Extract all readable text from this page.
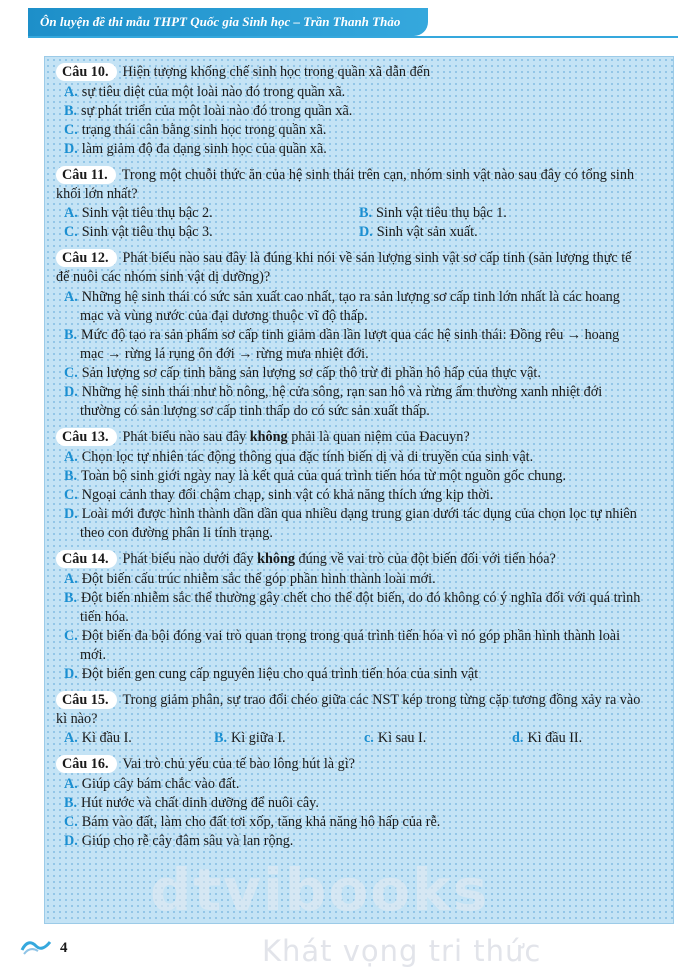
Ôn luyện đề thi mẫu THPT Quốc gia Sinh học – Trần Thanh Thảo
Câu 10. Hiện tượng khống chế sinh học trong quần xã dẫn đến
A. sự tiêu diệt của một loài nào đó trong quần xã.
B. sự phát triển của một loài nào đó trong quần xã.
C. trạng thái cân bằng sinh học trong quần xã.
D. làm giảm độ đa dạng sinh học của quần xã.
Câu 11. Trong một chuỗi thức ăn của hệ sinh thái trên cạn, nhóm sinh vật nào sau đây có tổng sinh khối lớn nhất?
A. Sinh vật tiêu thụ bậc 2.	B. Sinh vật tiêu thụ bậc 1.
C. Sinh vật tiêu thụ bậc 3.	D. Sinh vật sản xuất.
Câu 12. Phát biểu nào sau đây là đúng khi nói về sản lượng sinh vật sơ cấp tinh (sản lượng thực tế để nuôi các nhóm sinh vật dị dưỡng)?
A. Những hệ sinh thái có sức sản xuất cao nhất, tạo ra sản lượng sơ cấp tinh lớn nhất là các hoang mạc và vùng nước của đại dương thuộc vĩ độ thấp.
B. Mức độ tạo ra sản phẩm sơ cấp tinh giảm dần lần lượt qua các hệ sinh thái: Đồng rêu → hoang mạc → rừng lá rụng ôn đới → rừng mưa nhiệt đới.
C. Sản lượng sơ cấp tinh bằng sản lượng sơ cấp thô trừ đi phần hô hấp của thực vật.
D. Những hệ sinh thái như hồ nông, hệ cửa sông, rạn san hô và rừng ẩm thường xanh nhiệt đới thường có sản lượng sơ cấp tinh thấp do có sức sản xuất thấp.
Câu 13. Phát biểu nào sau đây không phải là quan niệm của Đacuyn?
A. Chọn lọc tự nhiên tác động thông qua đặc tính biến dị và di truyền của sinh vật.
B. Toàn bộ sinh giới ngày nay là kết quả của quá trình tiến hóa từ một nguồn gốc chung.
C. Ngoại cảnh thay đổi chậm chạp, sinh vật có khả năng thích ứng kịp thời.
D. Loài mới được hình thành dần dần qua nhiều dạng trung gian dưới tác dụng của chọn lọc tự nhiên theo con đường phân li tính trạng.
Câu 14. Phát biểu nào dưới đây không đúng về vai trò của đột biến đối với tiến hóa?
A. Đột biến cấu trúc nhiễm sắc thể góp phần hình thành loài mới.
B. Đột biến nhiễm sắc thể thường gây chết cho thể đột biến, do đó không có ý nghĩa đối với quá trình tiến hóa.
C. Đột biến đa bội đóng vai trò quan trọng trong quá trình tiến hóa vì nó góp phần hình thành loài mới.
D. Đột biến gen cung cấp nguyên liệu cho quá trình tiến hóa của sinh vật
Câu 15. Trong giảm phân, sự trao đổi chéo giữa các NST kép trong từng cặp tương đồng xảy ra vào kì nào?
A. Kì đầu I.	B. Kì giữa I.	c. Kì sau I.	d. Kì đầu II.
Câu 16. Vai trò chủ yếu của tế bào lông hút là gì?
A. Giúp cây bám chắc vào đất.
B. Hút nước và chất dinh dưỡng để nuôi cây.
C. Bám vào đất, làm cho đất tơi xốp, tăng khả năng hô hấp của rễ.
D. Giúp cho rễ cây đâm sâu và lan rộng.
dtvibooks
4	Khát vọng tri thức
